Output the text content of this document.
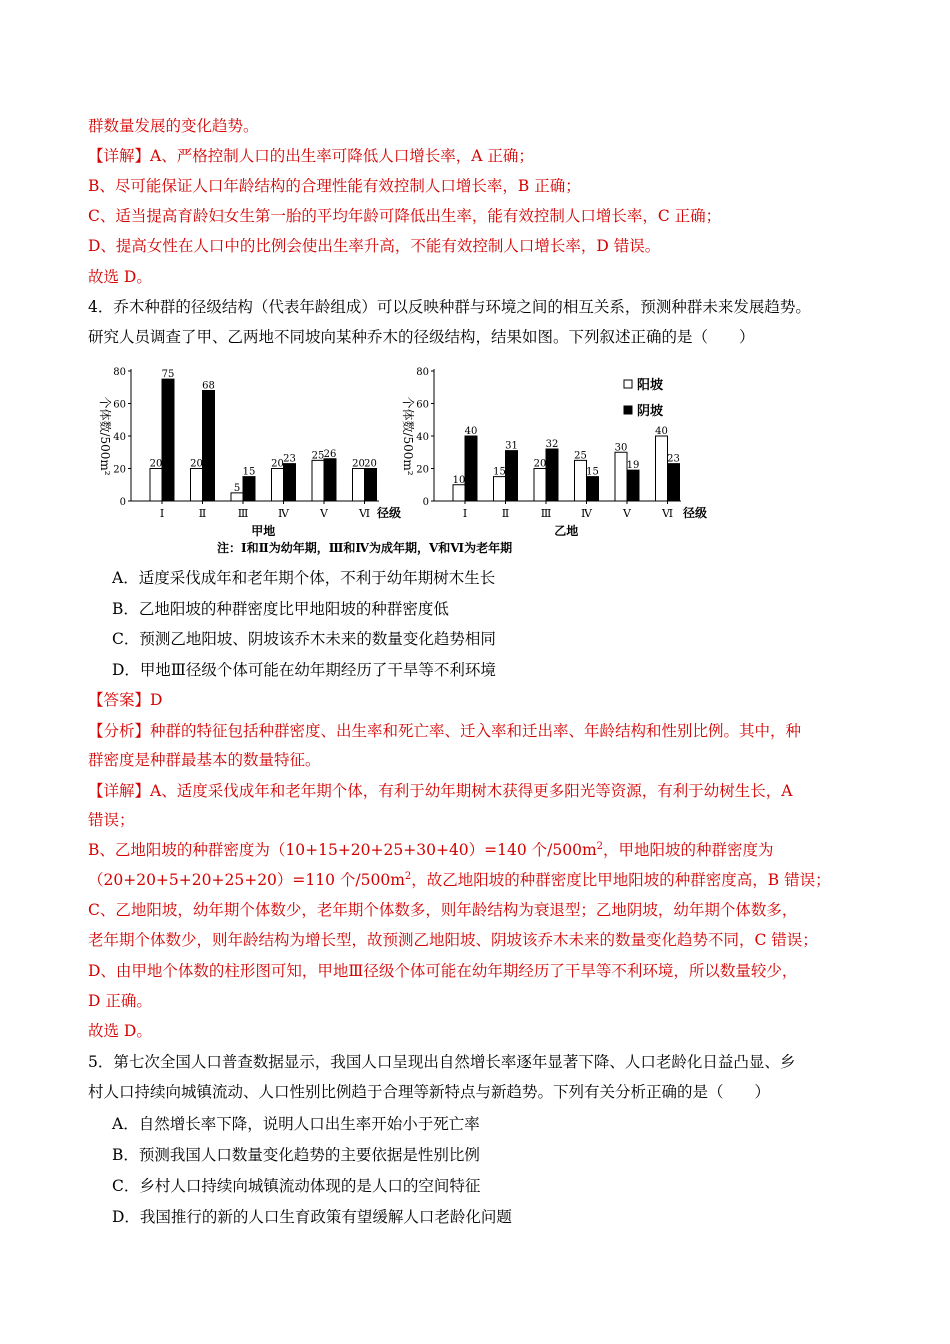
群数量发展的变化趋势。
【详解】A、严格控制人口的出生率可降低人口增长率，A 正确；
B、尽可能保证人口年龄结构的合理性能有效控制人口增长率，B 正确；
C、适当提高育龄妇女生第一胎的平均年龄可降低出生率，能有效控制人口增长率，C 正确；
D、提高女性在人口中的比例会使出生率升高，不能有效控制人口增长率，D 错误。
故选 D。
4．乔木种群的径级结构（代表年龄组成）可以反映种群与环境之间的相互关系，预测种群未来发展趋势。
研究人员调查了甲、乙两地不同坡向某种乔木的径级结构，结果如图。下列叙述正确的是（　　）
0
20
40
60
80
个体数/500m²	20
75
Ⅰ
20
68
Ⅱ
5
15
Ⅲ
20 23
Ⅳ
25 26
Ⅴ
20 20
Ⅵ 径级
甲地
0
20
40
60
80
个体数/500m²
10
40
Ⅰ
15
31
Ⅱ
20
32
Ⅲ
25
15
Ⅳ
30
19
Ⅴ
40
23
Ⅵ 径级
乙地
阳坡
阴坡
注：Ⅰ和Ⅱ为幼年期，Ⅲ和Ⅳ为成年期，Ⅴ和Ⅵ为老年期
A．适度采伐成年和老年期个体，不利于幼年期树木生长
B．乙地阳坡的种群密度比甲地阳坡的种群密度低
C．预测乙地阳坡、阴坡该乔木未来的数量变化趋势相同
D．甲地Ⅲ径级个体可能在幼年期经历了干旱等不利环境
【答案】D
【分析】种群的特征包括种群密度、出生率和死亡率、迁入率和迁出率、年龄结构和性别比例。其中，种
群密度是种群最基本的数量特征。
【详解】A、适度采伐成年和老年期个体，有利于幼年期树木获得更多阳光等资源，有利于幼树生长，A
错误；
B、乙地阳坡的种群密度为（10+15+20+25+30+40）=140 个$/500m^2$，甲地阳坡的种群密度为
（20+20+5+20+25+20）=110 个$/500m^2$，故乙地阳坡的种群密度比甲地阳坡的种群密度高，B 错误；
C、乙地阳坡，幼年期个体数少，老年期个体数多，则年龄结构为衰退型；乙地阴坡，幼年期个体数多，
老年期个体数少，则年龄结构为增长型，故预测乙地阳坡、阴坡该乔木未来的数量变化趋势不同，C 错误；
D、由甲地个体数的柱形图可知，甲地Ⅲ径级个体可能在幼年期经历了干旱等不利环境，所以数量较少，
D 正确。
故选 D。
5．第七次全国人口普查数据显示，我国人口呈现出自然增长率逐年显著下降、人口老龄化日益凸显、乡
村人口持续向城镇流动、人口性别比例趋于合理等新特点与新趋势。下列有关分析正确的是（　　）
A．自然增长率下降，说明人口出生率开始小于死亡率
B．预测我国人口数量变化趋势的主要依据是性别比例
C．乡村人口持续向城镇流动体现的是人口的空间特征
D．我国推行的新的人口生育政策有望缓解人口老龄化问题
